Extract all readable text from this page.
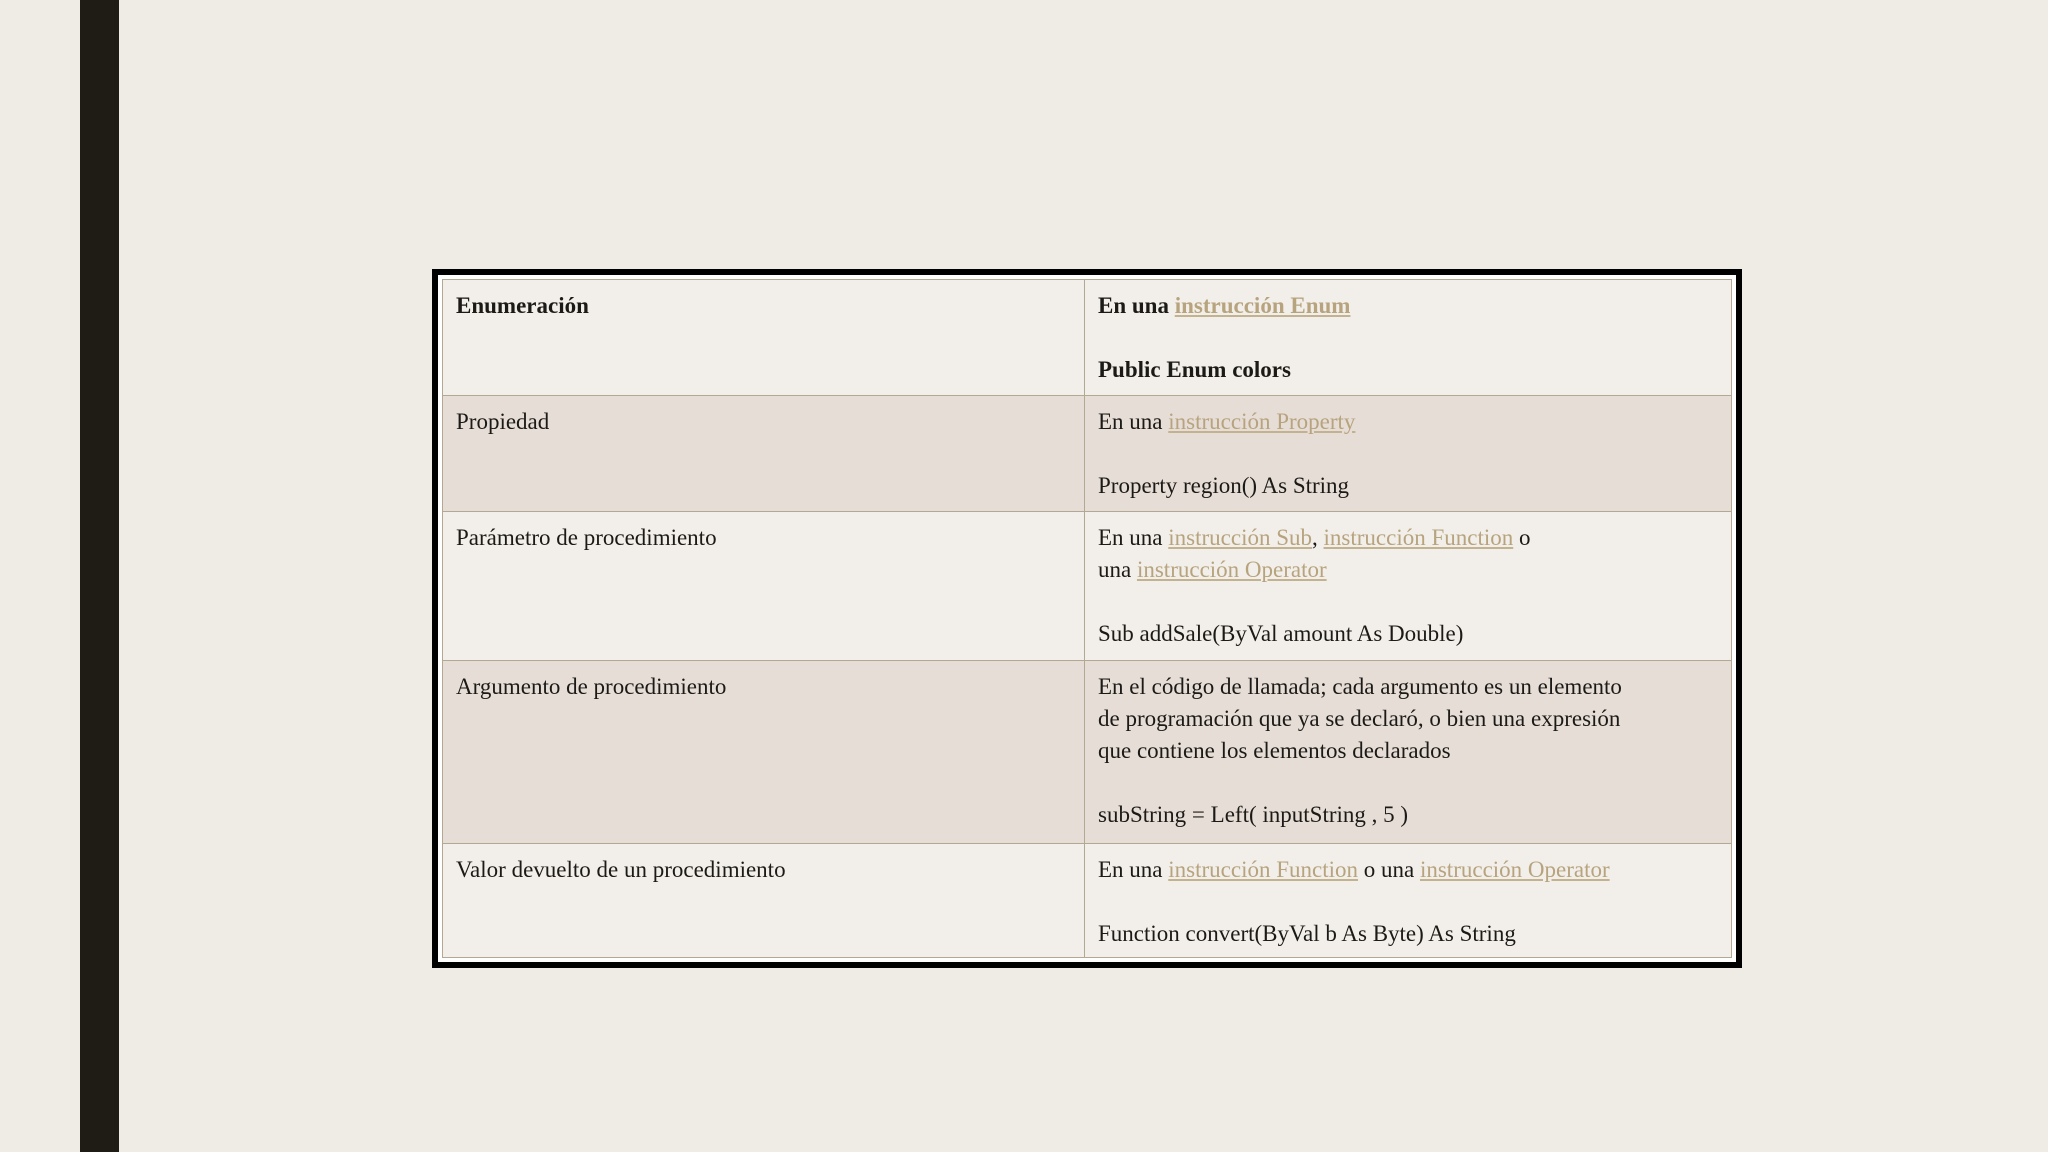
Enumeración	En una instrucción Enum
Public Enum colors

Propiedad	En una instrucción Property
Property region() As String

Parámetro de procedimiento	En una instrucción Sub, instrucción Function o
una instrucción Operator
Sub addSale(ByVal amount As Double)

Argumento de procedimiento	En el código de llamada; cada argumento es un elemento
de programación que ya se declaró, o bien una expresión
que contiene los elementos declarados
subString = Left( inputString , 5 )

Valor devuelto de un procedimiento	En una instrucción Function o una instrucción Operator
Function convert(ByVal b As Byte) As String
